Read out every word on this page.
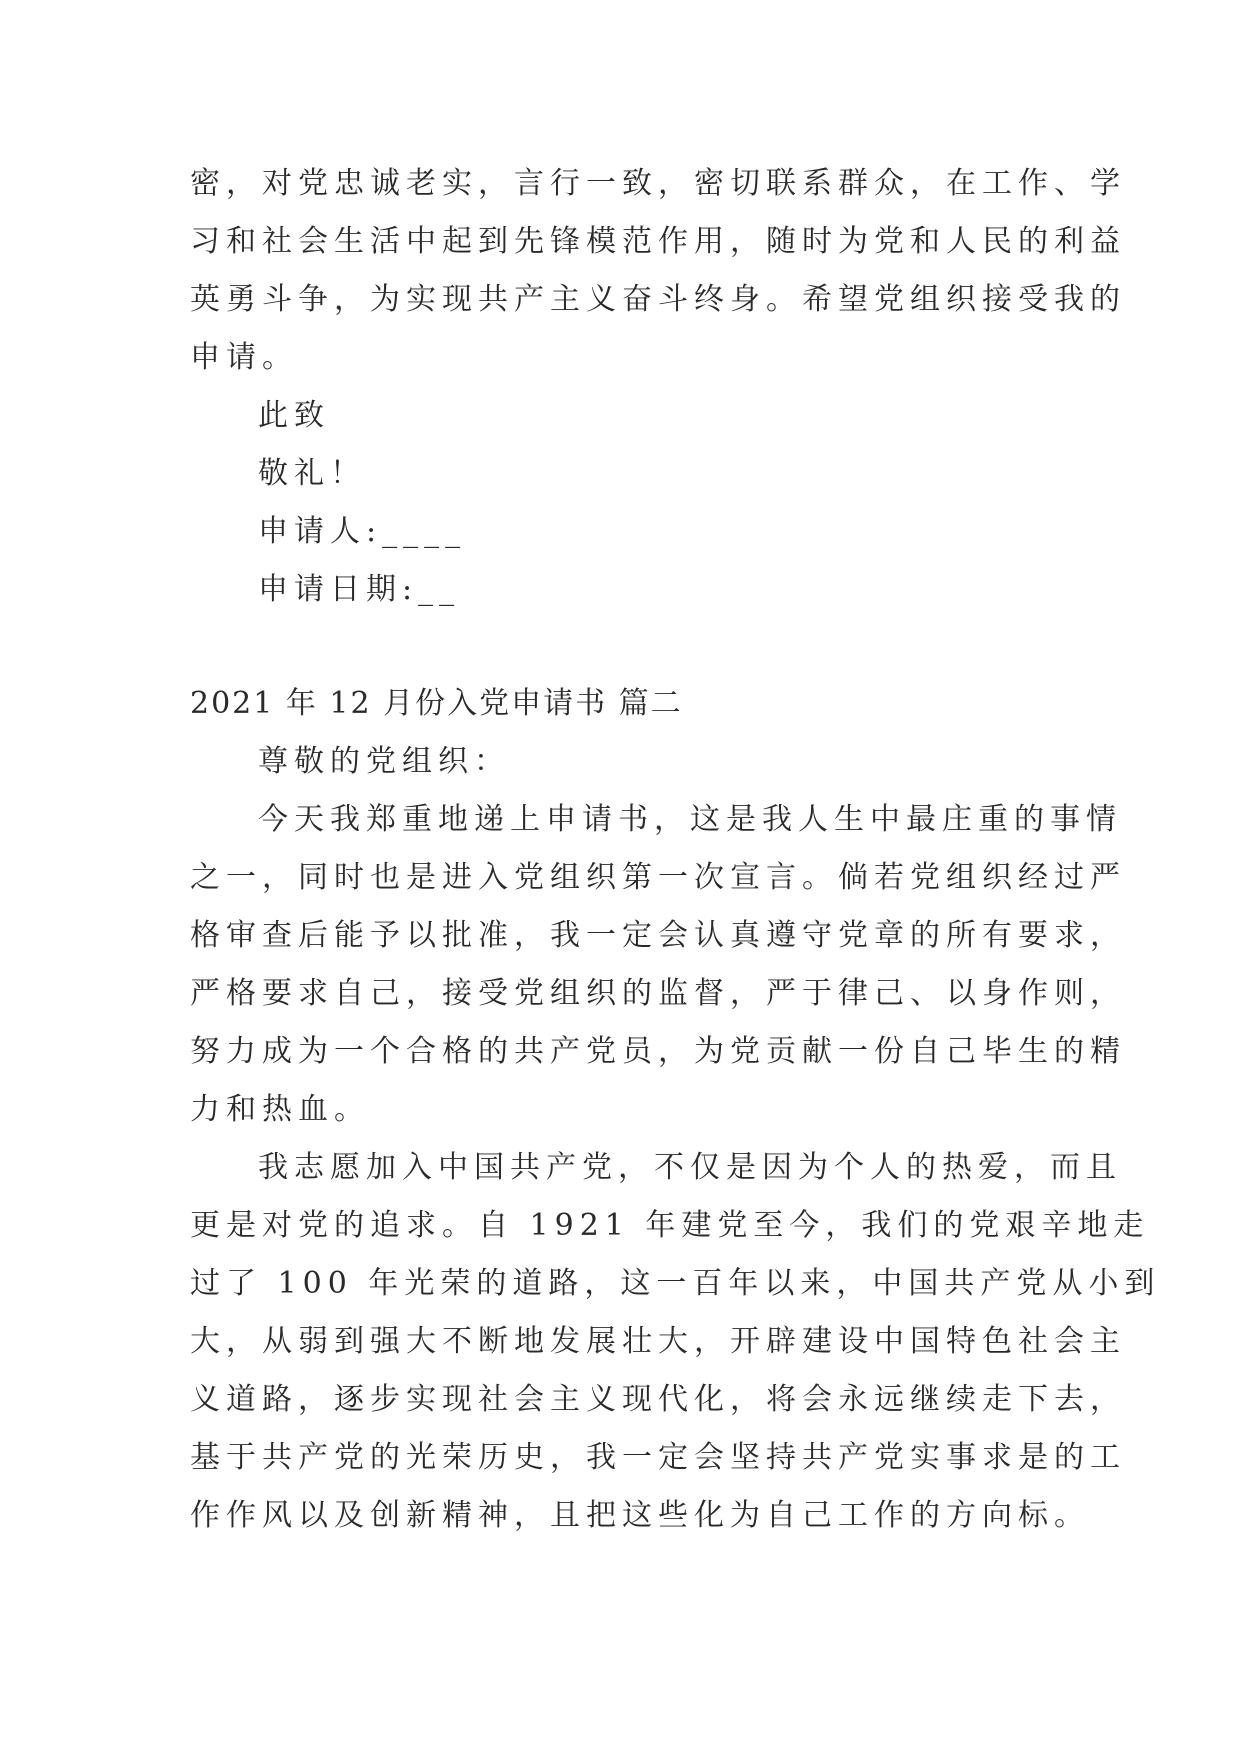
密，对党忠诚老实，言行一致，密切联系群众，在工作、学
习和社会生活中起到先锋模范作用，随时为党和人民的利益
英勇斗争，为实现共产主义奋斗终身。希望党组织接受我的
申请。
此致
敬礼！
申请人:____
申请日期:__
2021 年 12 月份入党申请书 篇二
尊敬的党组织：
今天我郑重地递上申请书，这是我人生中最庄重的事情
之一，同时也是进入党组织第一次宣言。倘若党组织经过严
格审查后能予以批准，我一定会认真遵守党章的所有要求，
严格要求自己，接受党组织的监督，严于律己、以身作则，
努力成为一个合格的共产党员，为党贡献一份自己毕生的精
力和热血。
我志愿加入中国共产党，不仅是因为个人的热爱，而且
更是对党的追求。自 1921 年建党至今，我们的党艰辛地走
过了 100 年光荣的道路，这一百年以来，中国共产党从小到
大，从弱到强大不断地发展壮大，开辟建设中国特色社会主
义道路，逐步实现社会主义现代化，将会永远继续走下去，
基于共产党的光荣历史，我一定会坚持共产党实事求是的工
作作风以及创新精神，且把这些化为自己工作的方向标。
